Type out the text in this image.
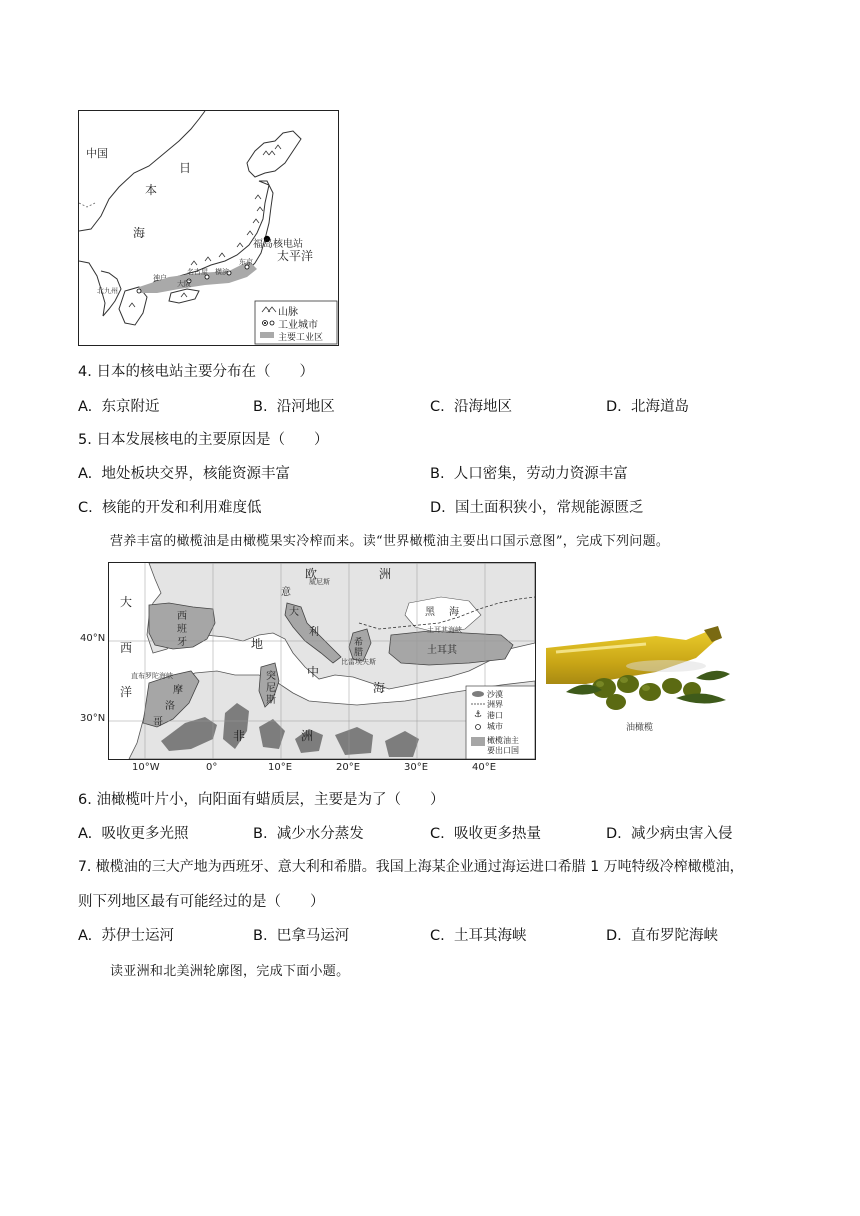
中国
日
本
海
福岛核电站
太平洋
东京
名古屋 横滨
神户
大阪
北九州
山脉
工业城市
主要工业区
4. 日本的核电站主要分布在（　　）
A. 东京附近	B. 沿河地区	C. 沿海地区	D. 北海道岛
5. 日本发展核电的主要原因是（　　）
A. 地处板块交界，核能资源丰富	B. 人口密集，劳动力资源丰富
C. 核能的开发和利用难度低	D. 国土面积狭小，常规能源匮乏
营养丰富的橄榄油是由橄榄果实冷榨而来。读“世界橄榄油主要出口国示意图”，完成下列问题。
⚓
大
西
洋
欧	洲
西
班
牙
意
大
利
地
中
海
希
腊
黑 海
土耳其
摩
洛
哥
突
尼
斯
非	洲
威尼斯
土耳其海峡
比雷埃夫斯
直布罗陀海峡
沙漠
洲界
港口
城市
橄榄油主
要出口国
40°N
30°N
10°W	0°	10°E	20°E	30°E	40°E
油橄榄
6. 油橄榄叶片小，向阳面有蜡质层，主要是为了（　　）
A. 吸收更多光照	B. 减少水分蒸发	C. 吸收更多热量	D. 减少病虫害入侵
7. 橄榄油的三大产地为西班牙、意大利和希腊。我国上海某企业通过海运进口希腊 1 万吨特级冷榨橄榄油，
则下列地区最有可能经过的是（　　）
A. 苏伊士运河	B. 巴拿马运河	C. 土耳其海峡	D. 直布罗陀海峡
读亚洲和北美洲轮廓图，完成下面小题。
